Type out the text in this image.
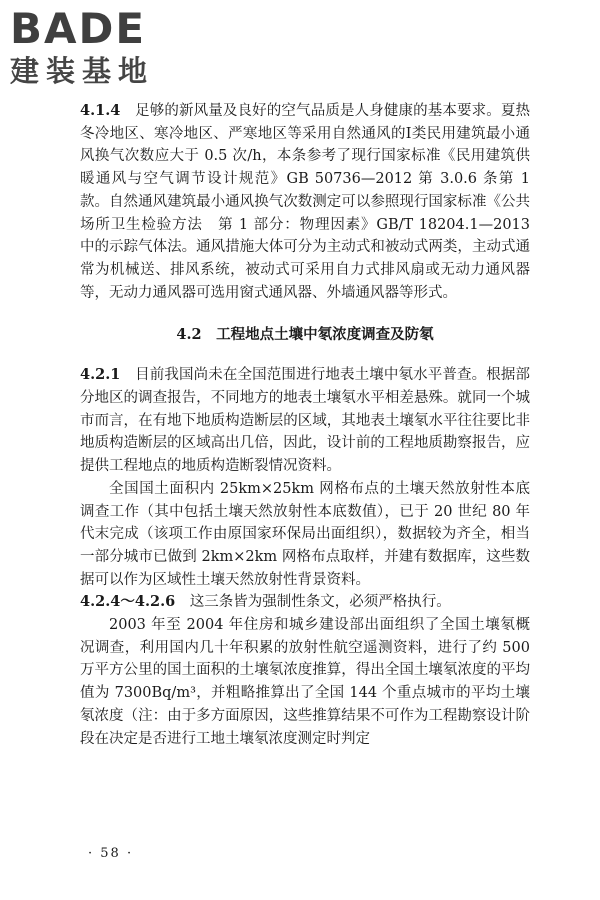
BADE
建装基地

4.1.4　 足够的新风量及良好的空气品质是人身健康的基本要求。夏热冬冷地区、寒冷地区、严寒地区等采用自然通风的Ⅰ类民用建筑最小通风换气次数应大于 0.5 次/h，本条参考了现行国家标准《民用建筑供暖通风与空气调节设计规范》GB 50736—2012 第 3.0.6 条第 1 款。自然通风建筑最小通风换气次数测定可以参照现行国家标准《公共场所卫生检验方法　第 1 部分：物理因素》GB/T 18204.1—2013 中的示踪气体法。通风措施大体可分为主动式和被动式两类，主动式通常为机械送、排风系统，被动式可采用自力式排风扇或无动力通风器等，无动力通风器可选用窗式通风器、外墙通风器等形式。

4.2　工程地点土壤中氡浓度调查及防氡

4.2.1　 目前我国尚未在全国范围进行地表土壤中氡水平普查。根据部分地区的调查报告，不同地方的地表土壤氡水平相差悬殊。就同一个城市而言，在有地下地质构造断层的区域，其地表土壤氡水平往往要比非地质构造断层的区域高出几倍，因此，设计前的工程地质勘察报告，应提供工程地点的地质构造断裂情况资料。

全国国土面积内 25km×25km 网格布点的土壤天然放射性本底调查工作（其中包括土壤天然放射性本底数值），已于 20 世纪 80 年代末完成（该项工作由原国家环保局出面组织），数据较为齐全，相当一部分城市已做到 2km×2km 网格布点取样，并建有数据库，这些数据可以作为区域性土壤天然放射性背景资料。

4.2.4～4.2.6　 这三条皆为强制性条文，必须严格执行。

2003 年至 2004 年住房和城乡建设部出面组织了全国土壤氡概况调查，利用国内几十年积累的放射性航空遥测资料，进行了约 500 万平方公里的国土面积的土壤氡浓度推算，得出全国土壤氡浓度的平均值为 7300Bq/m³，并粗略推算出了全国 144 个重点城市的平均土壤氡浓度（注：由于多方面原因，这些推算结果不可作为工程勘察设计阶段在决定是否进行工地土壤氡浓度测定时判定

· 58 ·
